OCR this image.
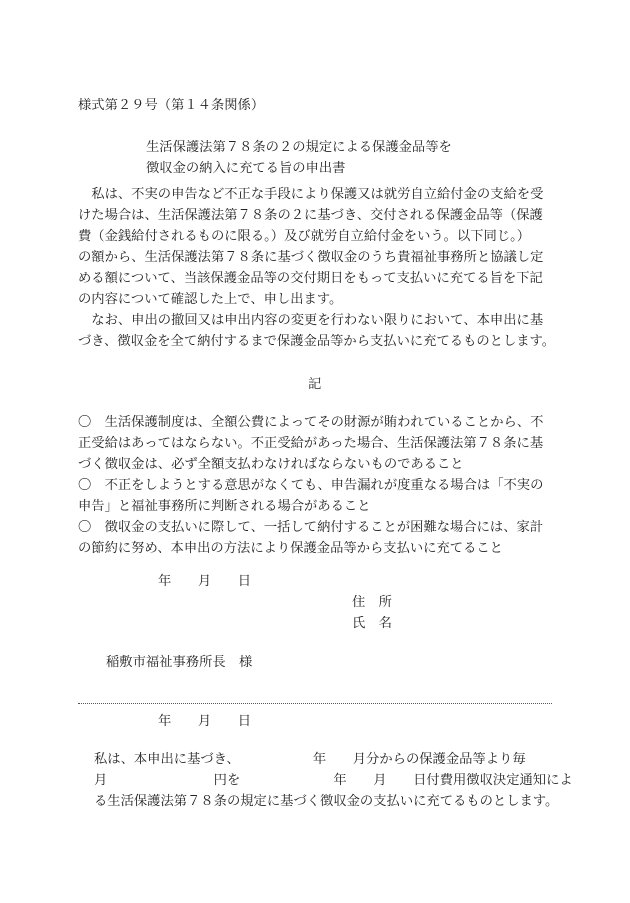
様式第２９号（第１４条関係）
生活保護法第７８条の２の規定による保護金品等を
徴収金の納入に充てる旨の申出書
　私は、不実の申告など不正な手段により保護又は就労自立給付金の支給を受
けた場合は、生活保護法第７８条の２に基づき、交付される保護金品等（保護
費（金銭給付されるものに限る。）及び就労自立給付金をいう。以下同じ。）
の額から、生活保護法第７８条に基づく徴収金のうち貴福祉事務所と協議し定
める額について、当該保護金品等の交付期日をもって支払いに充てる旨を下記
の内容について確認した上で、申し出ます。
　なお、申出の撤回又は申出内容の変更を行わない限りにおいて、本申出に基
づき、徴収金を全て納付するまで保護金品等から支払いに充てるものとします。
記
〇　生活保護制度は、全額公費によってその財源が賄われていることから、不
正受給はあってはならない。不正受給があった場合、生活保護法第７８条に基
づく徴収金は、必ず全額支払わなければならないものであること
〇　不正をしようとする意思がなくても、申告漏れが度重なる場合は「不実の
申告」と福祉事務所に判断される場合があること
〇　徴収金の支払いに際して、一括して納付することが困難な場合には、家計
の節約に努め、本申出の方法により保護金品等から支払いに充てること
年　　月　　日
住　所
氏　名
稲敷市福祉事務所長　様
年　　月　　日
私は、本申出に基づき、　　　　　　年　　月分からの保護金品等より毎
月　　　　　　　　円を　　　　　　　年　　月　　日付費用徴収決定通知によ
る生活保護法第７８条の規定に基づく徴収金の支払いに充てるものとします。
